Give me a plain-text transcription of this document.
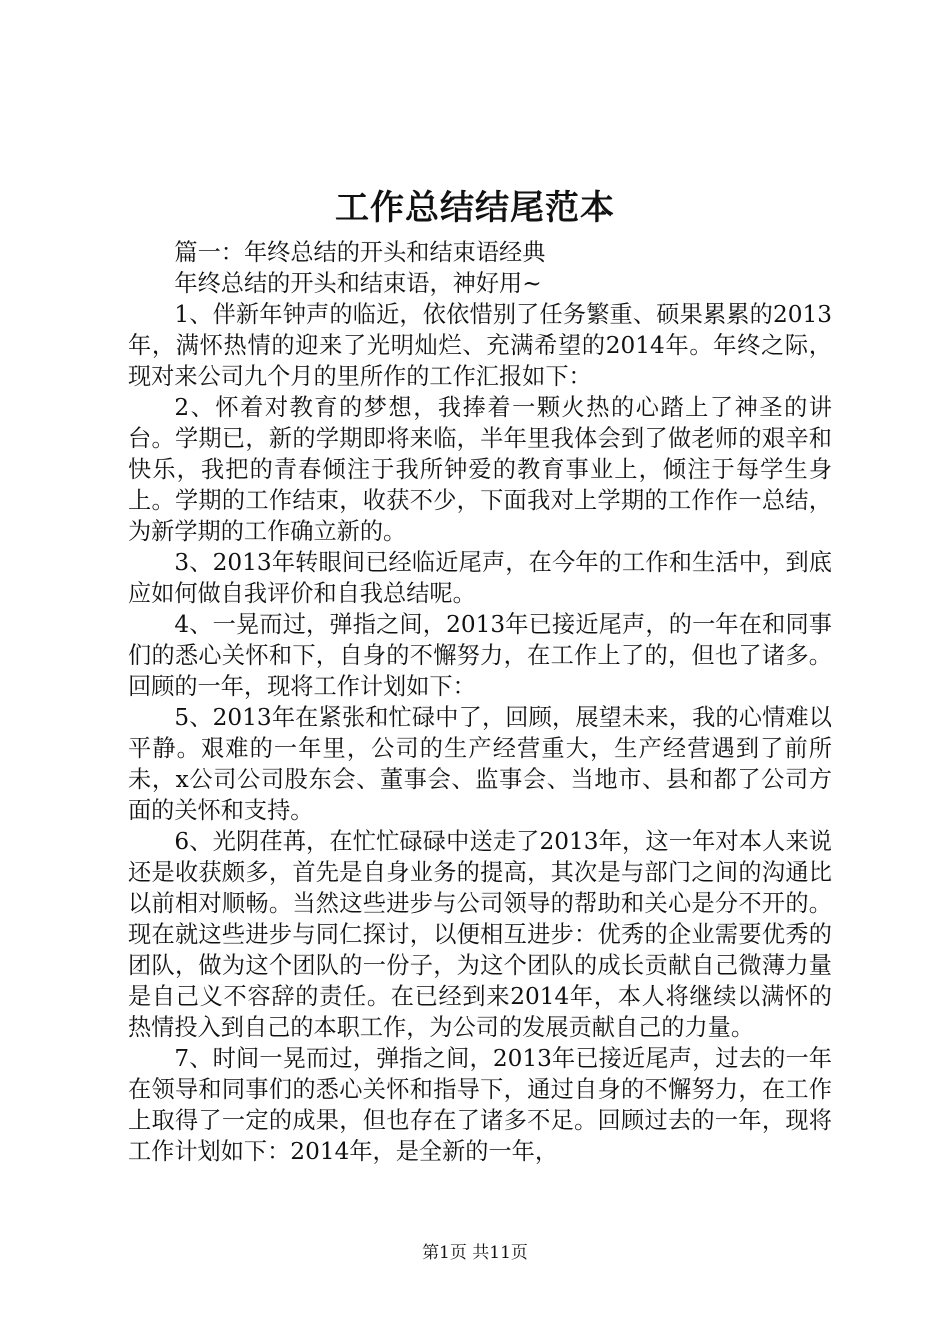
工作总结结尾范本

篇一：年终总结的开头和结束语经典

年终总结的开头和结束语，神好用~

1、伴新年钟声的临近，依依惜别了任务繁重、硕果累累的2013年，满怀热情的迎来了光明灿烂、充满希望的2014年。年终之际，现对来公司九个月的里所作的工作汇报如下：

2、怀着对教育的梦想，我捧着一颗火热的心踏上了神圣的讲台。学期已，新的学期即将来临，半年里我体会到了做老师的艰辛和快乐，我把的青春倾注于我所钟爱的教育事业上，倾注于每学生身上。学期的工作结束，收获不少，下面我对上学期的工作作一总结，为新学期的工作确立新的。

3、2013年转眼间已经临近尾声，在今年的工作和生活中，到底应如何做自我评价和自我总结呢。

4、一晃而过，弹指之间，2013年已接近尾声，的一年在和同事们的悉心关怀和下，自身的不懈努力，在工作上了的，但也了诸多。回顾的一年，现将工作计划如下：

5、2013年在紧张和忙碌中了，回顾，展望未来，我的心情难以平静。艰难的一年里，公司的生产经营重大，生产经营遇到了前所未，x公司公司股东会、董事会、监事会、当地市、县和都了公司方面的关怀和支持。

6、光阴荏苒，在忙忙碌碌中送走了2013年，这一年对本人来说还是收获颇多，首先是自身业务的提高，其次是与部门之间的沟通比以前相对顺畅。当然这些进步与公司领导的帮助和关心是分不开的。现在就这些进步与同仁探讨，以便相互进步：优秀的企业需要优秀的团队，做为这个团队的一份子，为这个团队的成长贡献自己微薄力量是自己义不容辞的责任。在已经到来2014年，本人将继续以满怀的热情投入到自己的本职工作，为公司的发展贡献自己的力量。

7、时间一晃而过，弹指之间，2013年已接近尾声，过去的一年在领导和同事们的悉心关怀和指导下，通过自身的不懈努力，在工作上取得了一定的成果，但也存在了诸多不足。回顾过去的一年，现将工作计划如下：2014年，是全新的一年，

第1页 共11页
